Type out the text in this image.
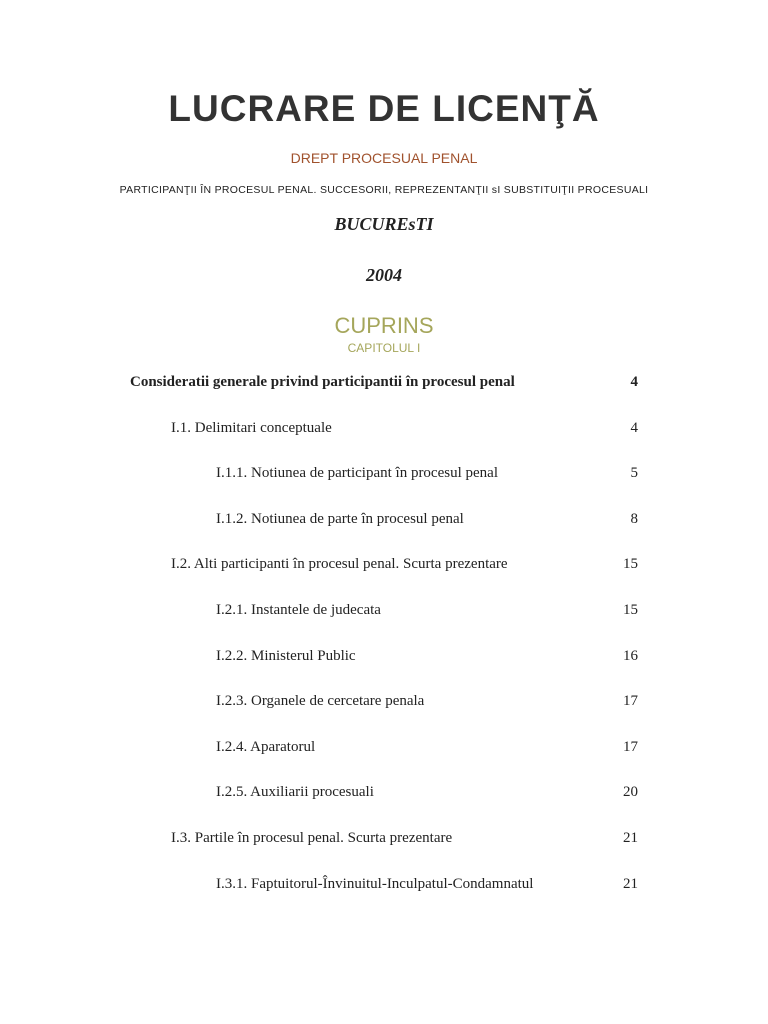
LUCRARE DE LICENŢĂ
DREPT PROCESUAL PENAL
PARTICIPANŢII ÎN PROCESUL PENAL. SUCCESORII, REPREZENTANŢII sI SUBSTITUIŢII PROCESUALI
BUCUREsTI
2004
CUPRINS
CAPITOLUL I
Consideratii generale privind participantii în procesul penal	4
I.1. Delimitari conceptuale	4
I.1.1. Notiunea de participant în procesul penal	5
I.1.2. Notiunea de parte în procesul penal	8
I.2. Alti participanti în procesul penal. Scurta prezentare	15
I.2.1. Instantele de judecata	15
I.2.2. Ministerul Public	16
I.2.3. Organele de cercetare penala	17
I.2.4. Aparatorul	17
I.2.5. Auxiliarii procesuali	20
I.3. Partile în procesul penal. Scurta prezentare	21
I.3.1. Faptuitorul-Învinuitul-Inculpatul-Condamnatul	21
